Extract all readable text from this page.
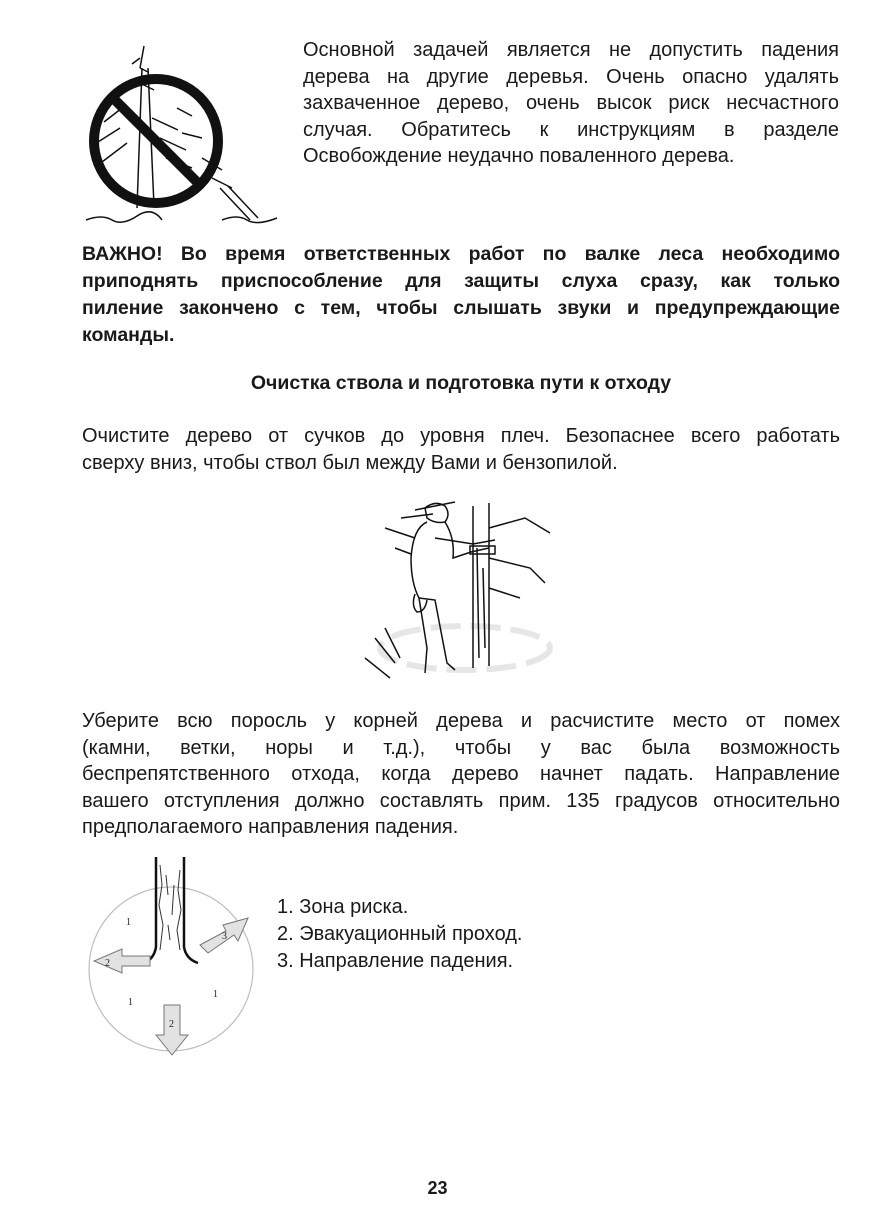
Основной задачей является не допустить падения
дерева на другие деревья. Очень опасно удалять
захваченное дерево, очень высок риск несчастного
случая. Обратитесь к инструкциям в разделе
Освобождение неудачно поваленного дерева.
ВАЖНО! Во время ответственных работ по валке леса необходимо
приподнять приспособление для защиты слуха сразу, как только
пиление закончено с тем, чтобы слышать звуки и предупреждающие
команды.
Очистка ствола и подготовка пути к отходу
Очистите дерево от сучков до уровня плеч. Безопаснее всего работать
сверху вниз, чтобы ствол был между Вами и бензопилой.
Уберите всю поросль у корней дерева и расчистите место от помех
(камни, ветки, норы и т.д.), чтобы у вас была возможность
беспрепятственного отхода, когда дерево начнет падать. Направление
вашего отступления должно составлять прим. 135 градусов относительно
предполагаемого направления падения.
1
1
1
2
2
3
1. Зона риска.
2. Эвакуационный проход.
3. Направление падения.
23
